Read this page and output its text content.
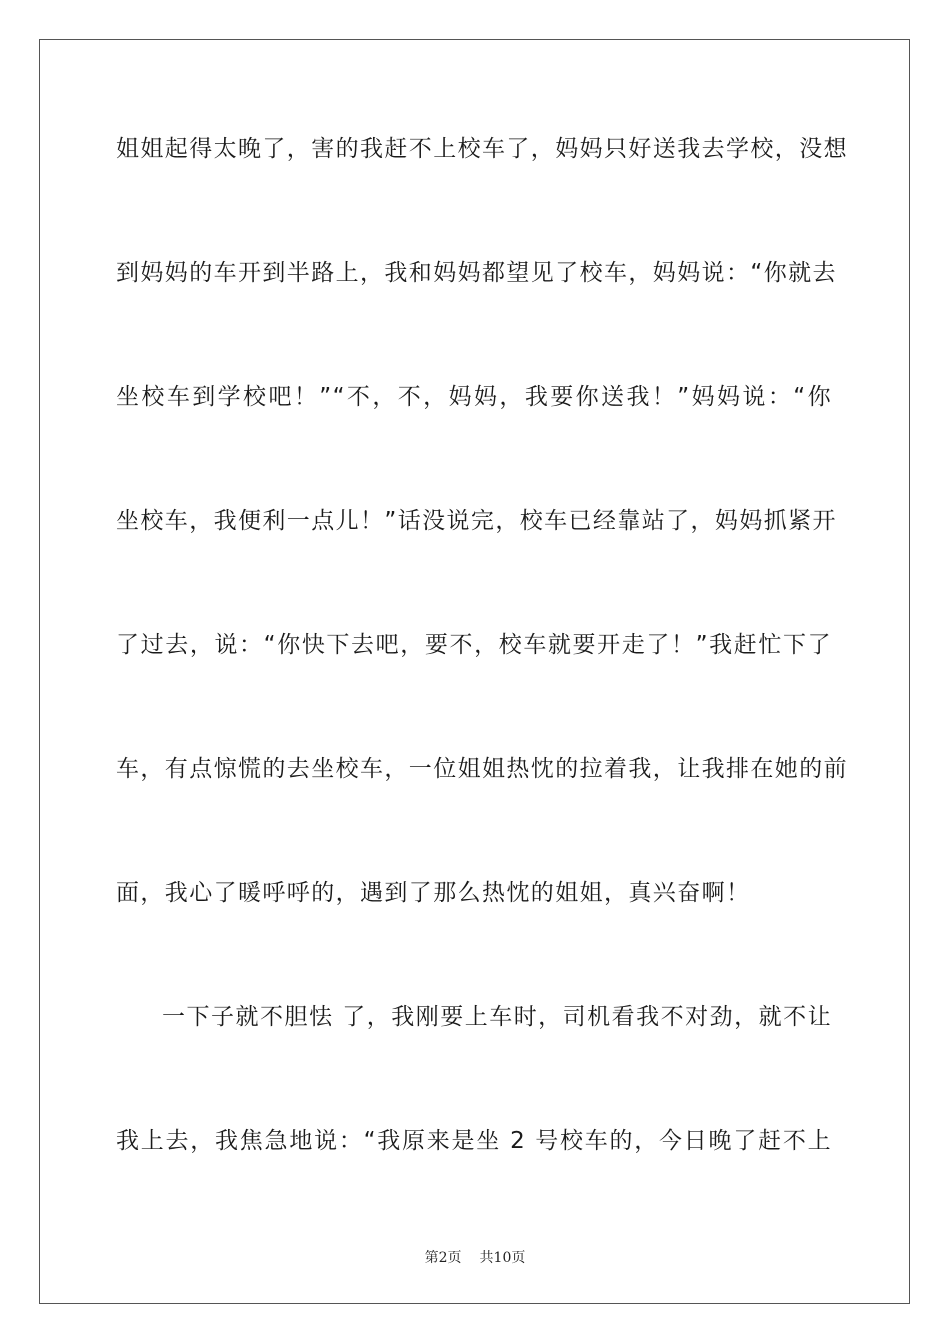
姐姐起得太晚了，害的我赶不上校车了，妈妈只好送我去学校，没想
到妈妈的车开到半路上，我和妈妈都望见了校车，妈妈说：“你就去
坐校车到学校吧！”“不，不，妈妈，我要你送我！”妈妈说：“你
坐校车，我便利一点儿！”话没说完，校车已经靠站了，妈妈抓紧开
了过去，说：“你快下去吧，要不，校车就要开走了！”我赶忙下了
车，有点惊慌的去坐校车，一位姐姐热忱的拉着我，让我排在她的前
面，我心了暖呼呼的，遇到了那么热忱的姐姐，真兴奋啊！
一下子就不胆怯 了，我刚要上车时，司机看我不对劲，就不让
我上去，我焦急地说：“我原来是坐 2 号校车的，今日晚了赶不上
第2页 共10页
